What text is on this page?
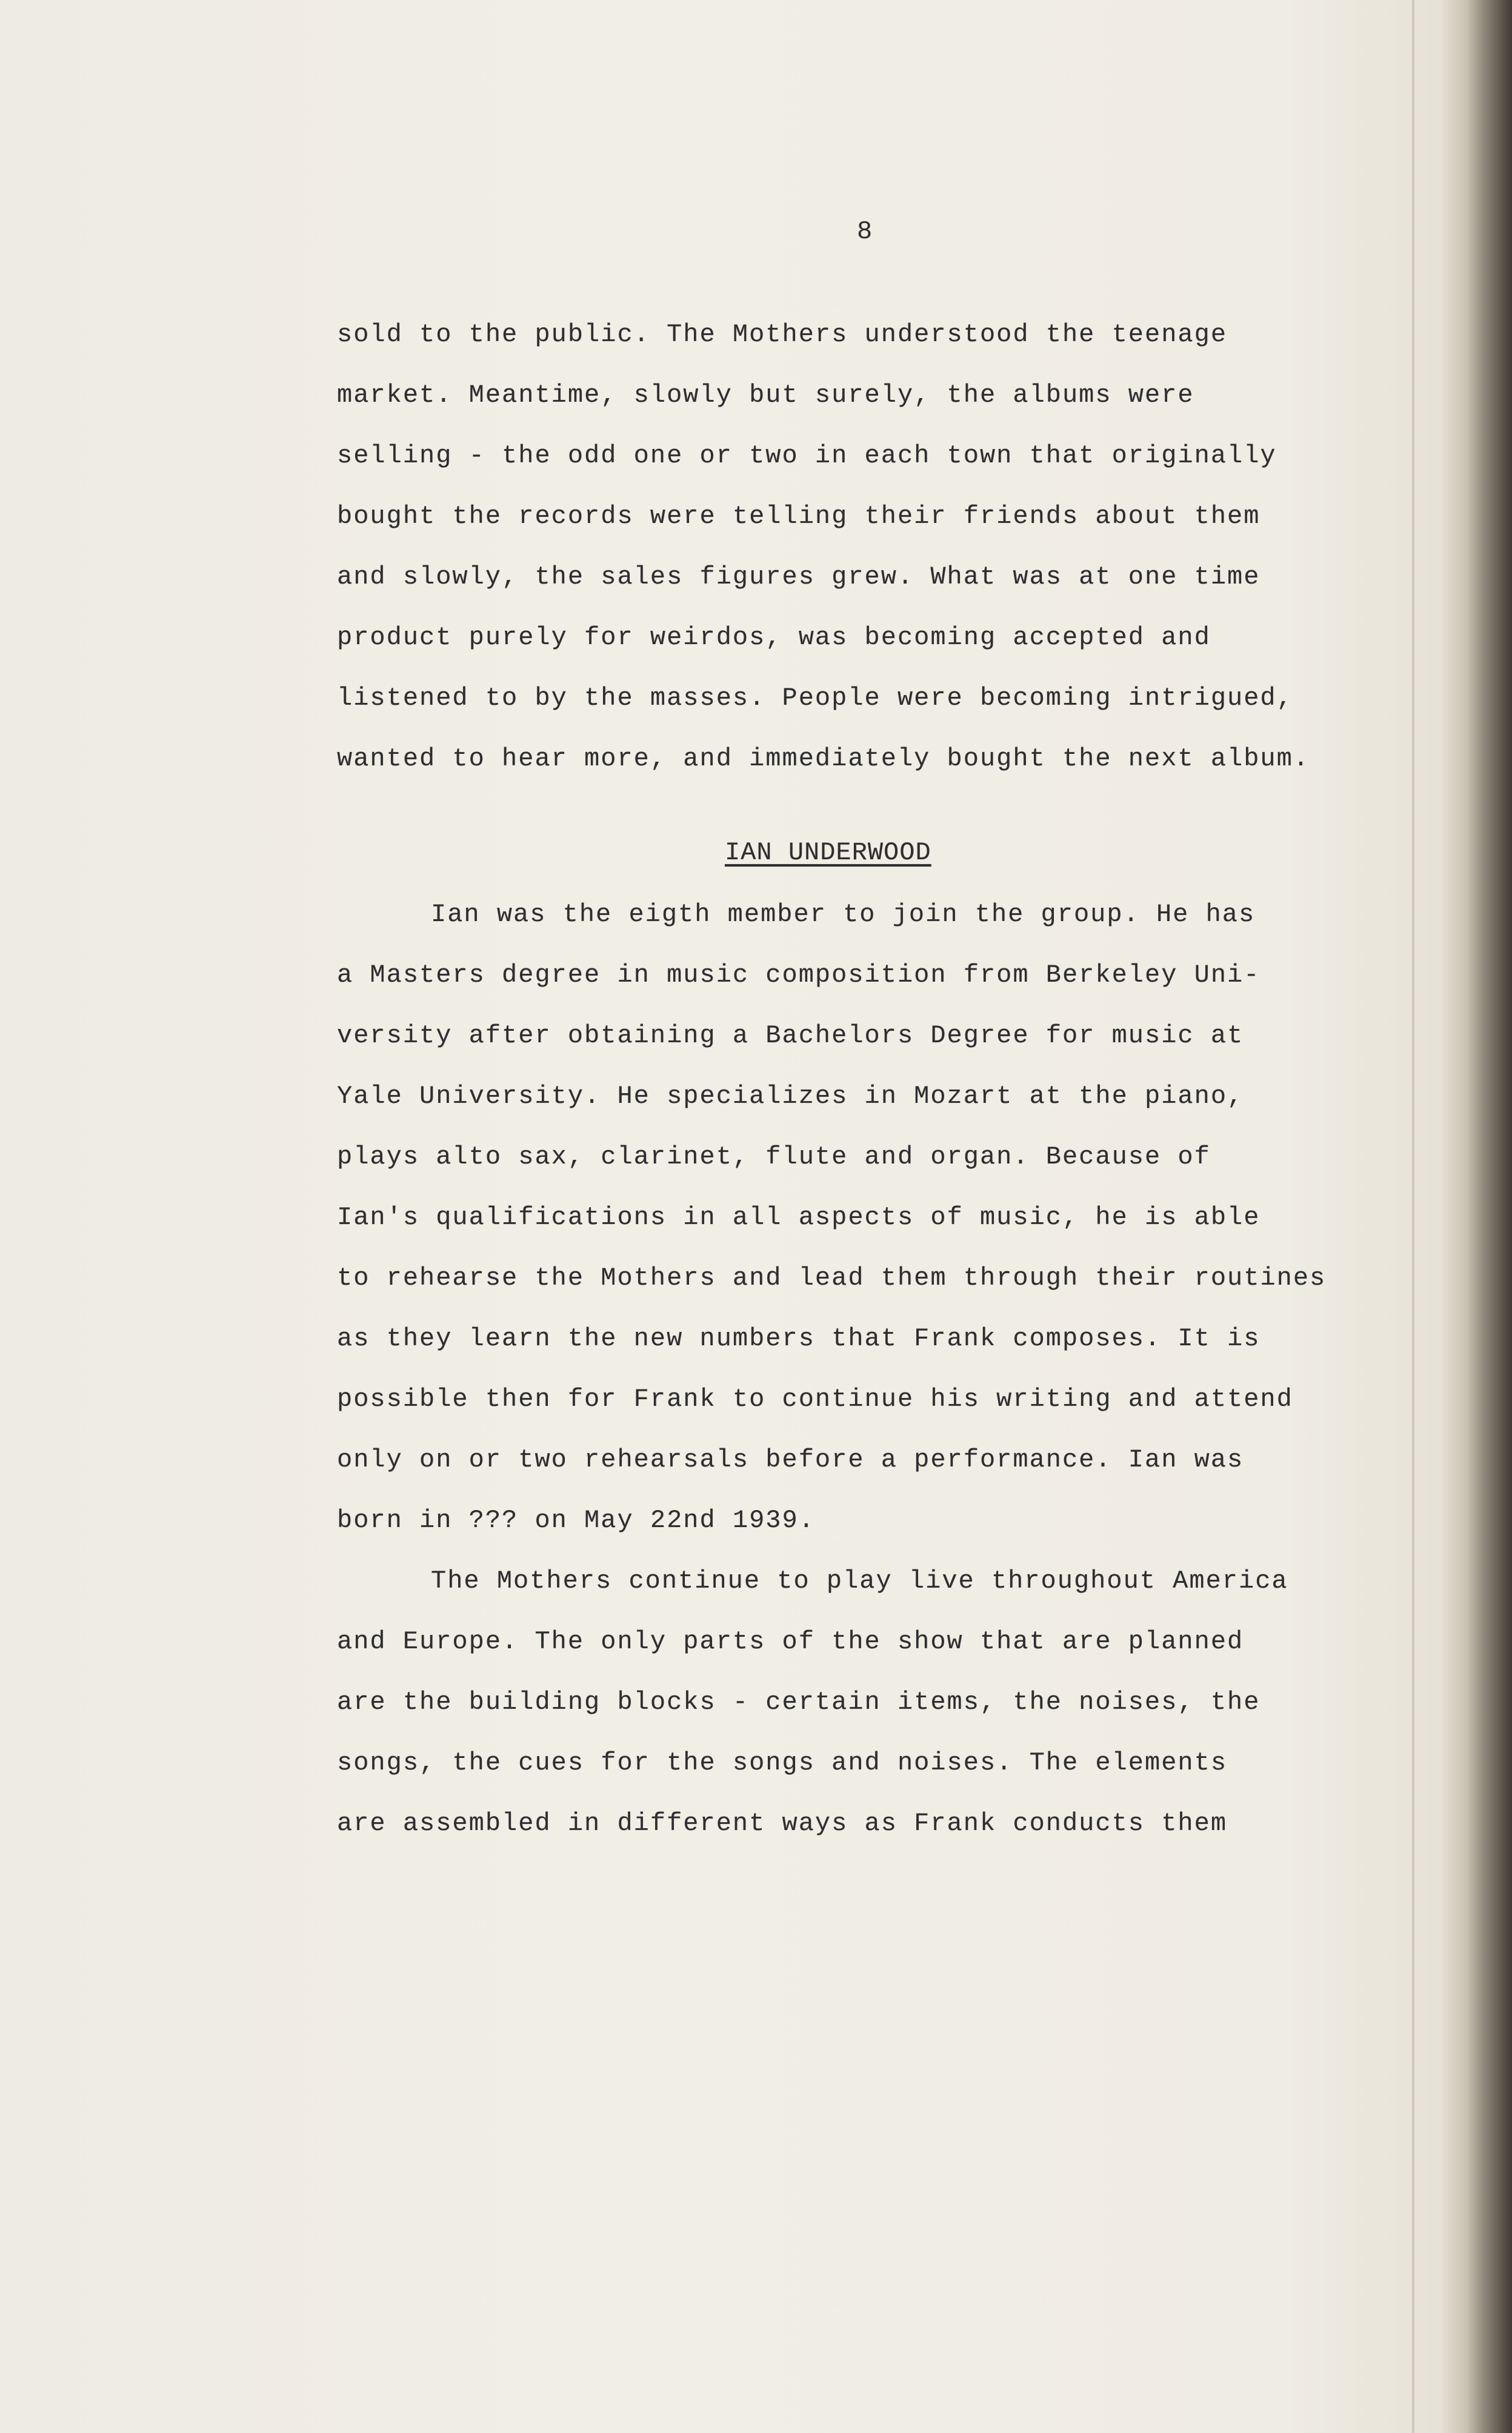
8
sold to the public. The Mothers understood the teenage
market. Meantime, slowly but surely, the albums were
selling - the odd one or two in each town that originally
bought the records were telling their friends about them
and slowly, the sales figures grew. What was at one time
product purely for weirdos, was becoming accepted and
listened to by the masses. People were becoming intrigued,
wanted to hear more, and immediately bought the next album.
IAN UNDERWOOD
Ian was the eigth member to join the group. He has
a Masters degree in music composition from Berkeley Uni-
versity after obtaining a Bachelors Degree for music at
Yale University. He specializes in Mozart at the piano,
plays alto sax, clarinet, flute and organ. Because of
Ian's qualifications in all aspects of music, he is able
to rehearse the Mothers and lead them through their routines
as they learn the new numbers that Frank composes. It is
possible then for Frank to continue his writing and attend
only on or two rehearsals before a performance. Ian was
born in ??? on May 22nd 1939.
The Mothers continue to play live throughout America
and Europe. The only parts of the show that are planned
are the building blocks - certain items, the noises, the
songs, the cues for the songs and noises. The elements
are assembled in different ways as Frank conducts them
